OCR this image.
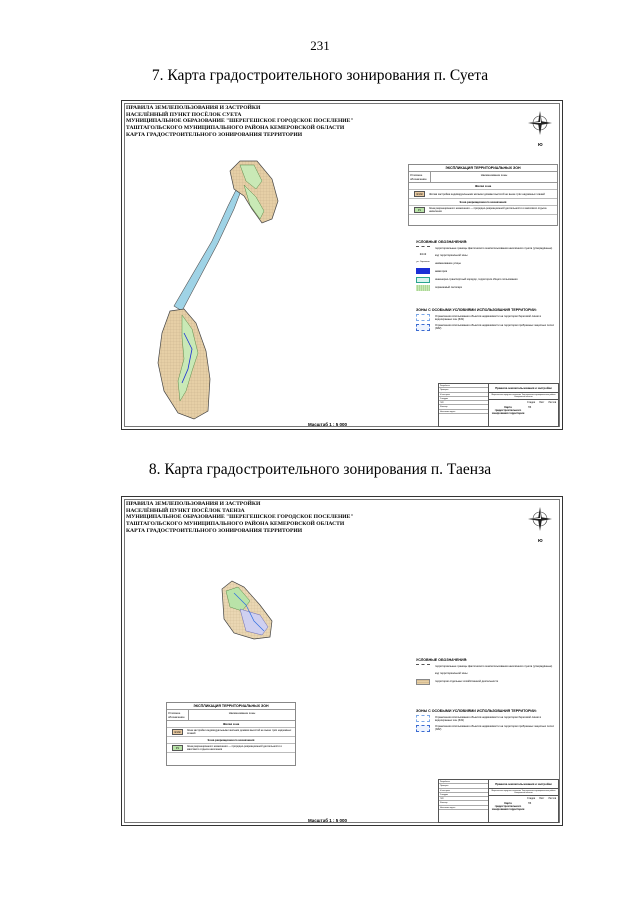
231
7. Карта градостроительного зонирования п. Суета
ПРАВИЛА ЗЕМЛЕПОЛЬЗОВАНИЯ И ЗАСТРОЙКИ
НАСЕЛЁННЫЙ ПУНКТ ПОСЁЛОК СУЕТА
МУНИЦИПАЛЬНОЕ ОБРАЗОВАНИЕ "ШЕРЕГЕШСКОЕ ГОРОДСКОЕ ПОСЕЛЕНИЕ"
ТАШТАГОЛЬСКОГО МУНИЦИПАЛЬНОГО РАЙОНА КЕМЕРОВСКОЙ ОБЛАСТИ
КАРТА ГРАДОСТРОИТЕЛЬНОГО ЗОНИРОВАНИЯ ТЕРРИТОРИИ
Ю
ЭКСПЛИКАЦИЯ ТЕРРИТОРИАЛЬНЫХ ЗОН
Условное обозначение
Наименование зоны
Жилая зона
Ж1/Ж	Жилая застройка индивидуальными жилыми домами высотой не выше трёх надземных этажей
Зона рекреационного назначения
Р1	Зона рекреационного назначения — природно-рекреационной деятельности и массового отдыха населения
УСЛОВНЫЕ ОБОЗНАЧЕНИЯ:
территориальные границы фактического землепользования населённого пункта (утверждённые)
Ж1/Ж	код территориальной зоны
ул. Заречная наименование улицы
акватория
инженерно-транспортный коридор, территория общего пользования
охраняемый лесопарк
ЗОНЫ С ОСОБЫМИ УСЛОВИЯМИ ИСПОЛЬЗОВАНИЯ ТЕРРИТОРИИ:
Ограничения использования объектов недвижимости на территории береговой линии в водоохранных зон (ЗЗ1)
Ограничения использования объектов недвижимости на территории прибрежных защитных полос (ЗЗ2)
Разработал
Проверил
Н. контроль
Утвердил
ГИП
Инженер
Начальник отдела
Правила землепользования и застройки
Шерегешское городское поселение Таштагольского муниципального района Кемеровской области
Карта градостроительного зонирования территории
Стадия Лист Листов
ПЗ
Масштаб 1 : 5 000
8. Карта градостроительного зонирования п. Таенза
ПРАВИЛА ЗЕМЛЕПОЛЬЗОВАНИЯ И ЗАСТРОЙКИ
НАСЕЛЁННЫЙ ПУНКТ ПОСЁЛОК ТАЕНЗА
МУНИЦИПАЛЬНОЕ ОБРАЗОВАНИЕ "ШЕРЕГЕШСКОЕ ГОРОДСКОЕ ПОСЕЛЕНИЕ"
ТАШТАГОЛЬСКОГО МУНИЦИПАЛЬНОГО РАЙОНА КЕМЕРОВСКОЙ ОБЛАСТИ
КАРТА ГРАДОСТРОИТЕЛЬНОГО ЗОНИРОВАНИЯ ТЕРРИТОРИИ
Ю
ЭКСПЛИКАЦИЯ ТЕРРИТОРИАЛЬНЫХ ЗОН
Условное обозначение
Наименование зоны
Жилая зона
Ж1/Ж	Зона застройки индивидуальными жилыми домами высотой не выше трёх надземных этажей
Зона рекреационного назначения
Р1	Зона рекреационного назначения — природно-рекреационной деятельности и массового отдыха населения
УСЛОВНЫЕ ОБОЗНАЧЕНИЯ:
территориальные границы фактического землепользования населённого пункта (утверждённые)
код территориальной зоны
территории отдельных хозяйственной деятельности
ЗОНЫ С ОСОБЫМИ УСЛОВИЯМИ ИСПОЛЬЗОВАНИЯ ТЕРРИТОРИИ:
Ограничения использования объектов недвижимости на территории береговой линии в водоохранных зон (ЗЗ1)
Ограничения использования объектов недвижимости на территории прибрежных защитных полос (ЗЗ2)
Разработал
Проверил
Н. контроль
Утвердил
ГИП
Инженер
Начальник отдела
Правила землепользования и застройки
Шерегешское городское поселение Таштагольского муниципального района Кемеровской области
Карта градостроительного зонирования территории
Стадия Лист Листов
ПЗ
Масштаб 1 : 5 000
